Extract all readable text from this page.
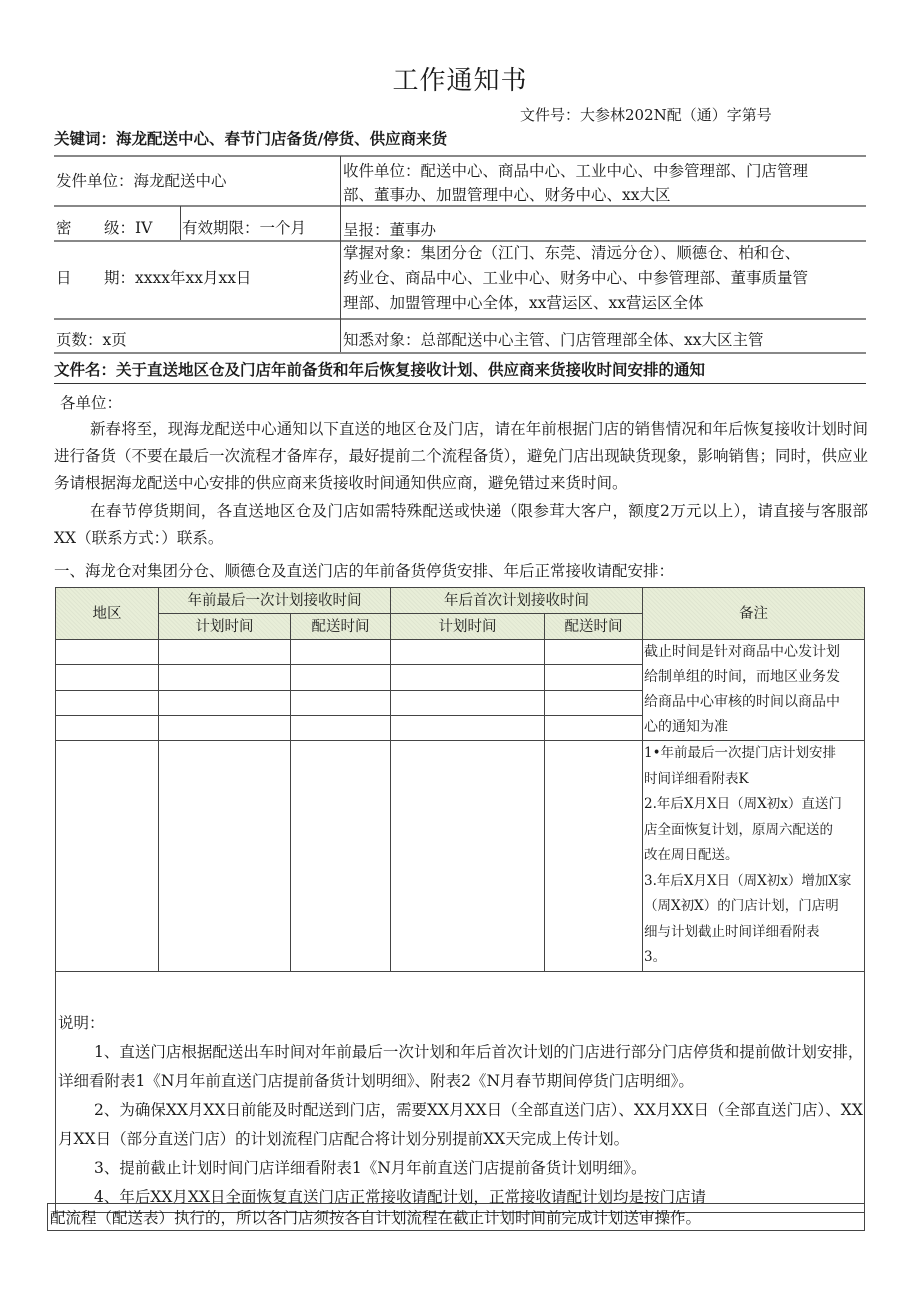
工作通知书
文件号：大参林202N配（通）字第号
关键词：海龙配送中心、春节门店备货/停货、供应商来货
发件单位：海龙配送中心
收件单位：配送中心、商品中心、工业中心、中参管理部、门店管理
部、董事办、加盟管理中心、财务中心、xx大区
密 级：IV 有效期限：一个月 呈报：董事办
日 期：xxxx年xx月xx日
掌握对象：集团分仓（江门、东莞、清远分仓）、顺德仓、柏和仓、
药业仓、商品中心、工业中心、财务中心、中参管理部、董事质量管
理部、加盟管理中心全体，xx营运区、xx营运区全体
页数：x页	知悉对象：总部配送中心主管、门店管理部全体、xx大区主管
文件名：关于直送地区仓及门店年前备货和年后恢复接收计划、供应商来货接收时间安排的通知
各单位：
新春将至，现海龙配送中心通知以下直送的地区仓及门店，请在年前根据门店的销售情况和年后恢复接收计划时间进行备货（不要在最后一次流程才备库存，最好提前二个流程备货），避免门店出现缺货现象，影响销售；同时，供应业务请根据海龙配送中心安排的供应商来货接收时间通知供应商，避免错过来货时间。
在春节停货期间，各直送地区仓及门店如需特殊配送或快递（限参茸大客户，额度2万元以上），请直接与客服部XX（联系方式：）联系。
一、海龙仓对集团分仓、顺德仓及直送门店的年前备货停货安排、年后正常接收请配安排：
地区	年前最后一次计划接收时间		年后首次计划接收时间		备注
	计划时间	配送时间	计划时间	配送时间	

					截止时间是针对商品中心发计划
给制单组的时间，而地区业务发
给商品中心审核的时间以商品中
心的通知为准

1•年前最后一次提门店计划安排
时间详细看附表K
2.年后X月X日（周X初x）直送门
店全面恢复计划，原周六配送的
改在周日配送。
3.年后X月X日（周X初x）增加X家
（周X初X）的门店计划，门店明
细与计划截止时间详细看附表
3。

说明：
1、直送门店根据配送出车时间对年前最后一次计划和年后首次计划的门店进行部分门店停货和提前做计划安排，详细看附表1《N月年前直送门店提前备货计划明细》、附表2《N月春节期间停货门店明细》。
2、为确保XX月XX日前能及时配送到门店，需要XX月XX日（全部直送门店）、XX月XX日（全部直送门店）、XX月XX日（部分直送门店）的计划流程门店配合将计划分别提前XX天完成上传计划。
3、提前截止计划时间门店详细看附表1《N月年前直送门店提前备货计划明细》。
4、年后XX月XX日全面恢复直送门店正常接收请配计划，正常接收请配计划均是按门店请					
配流程（配送表）执行的，所以各门店须按各自计划流程在截止计划时间前完成计划送审操作。
